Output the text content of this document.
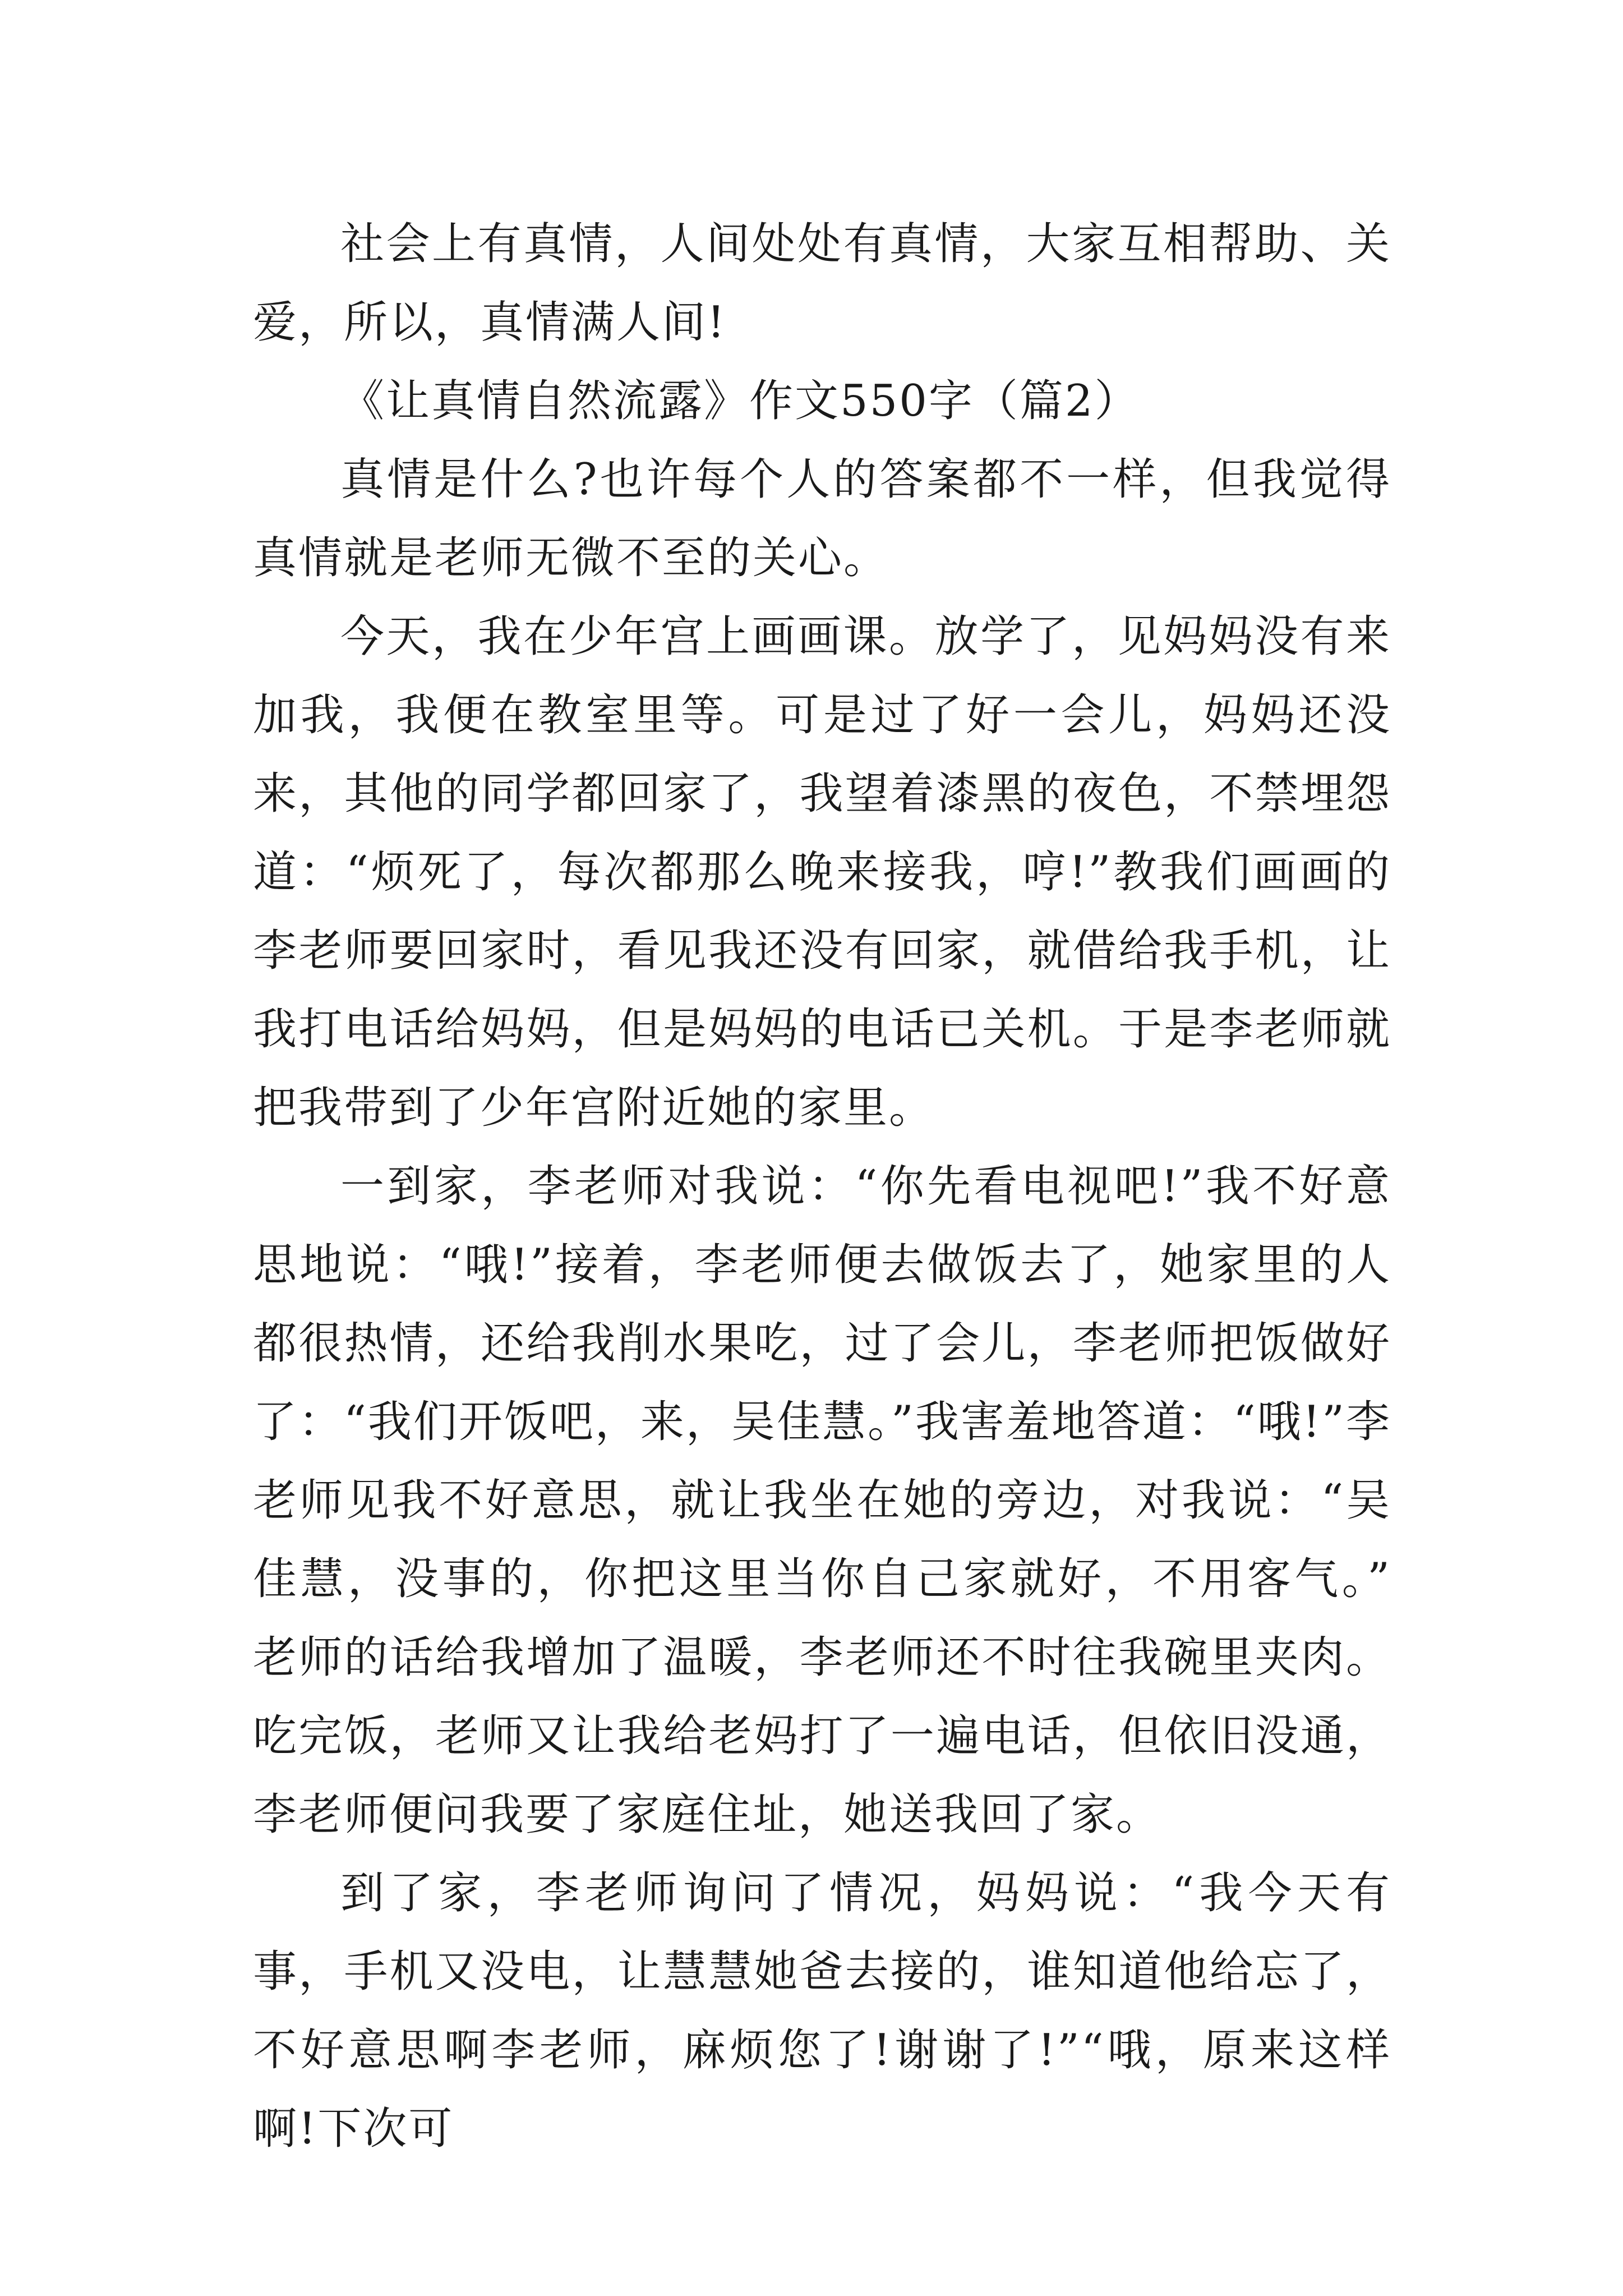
社会上有真情，人间处处有真情，大家互相帮助、关爱，所以，真情满人间!

《让真情自然流露》作文550字（篇2）

真情是什么?也许每个人的答案都不一样，但我觉得真情就是老师无微不至的关心。

今天，我在少年宫上画画课。放学了，见妈妈没有来加我，我便在教室里等。可是过了好一会儿，妈妈还没来，其他的同学都回家了，我望着漆黑的夜色，不禁埋怨道：“烦死了，每次都那么晚来接我，哼!”教我们画画的李老师要回家时，看见我还没有回家，就借给我手机，让我打电话给妈妈，但是妈妈的电话已关机。于是李老师就把我带到了少年宫附近她的家里。

一到家，李老师对我说：“你先看电视吧!”我不好意思地说：“哦!”接着，李老师便去做饭去了，她家里的人都很热情，还给我削水果吃，过了会儿，李老师把饭做好了：“我们开饭吧，来，吴佳慧。”我害羞地答道：“哦!”李老师见我不好意思，就让我坐在她的旁边，对我说：“吴佳慧，没事的，你把这里当你自己家就好，不用客气。” 老师的话给我增加了温暖，李老师还不时往我碗里夹肉。吃完饭，老师又让我给老妈打了一遍电话，但依旧没通，李老师便问我要了家庭住址，她送我回了家。

到了家，李老师询问了情况，妈妈说：“我今天有事，手机又没电，让慧慧她爸去接的，谁知道他给忘了，不好意思啊李老师，麻烦您了!谢谢了!”“哦，原来这样啊!下次可
